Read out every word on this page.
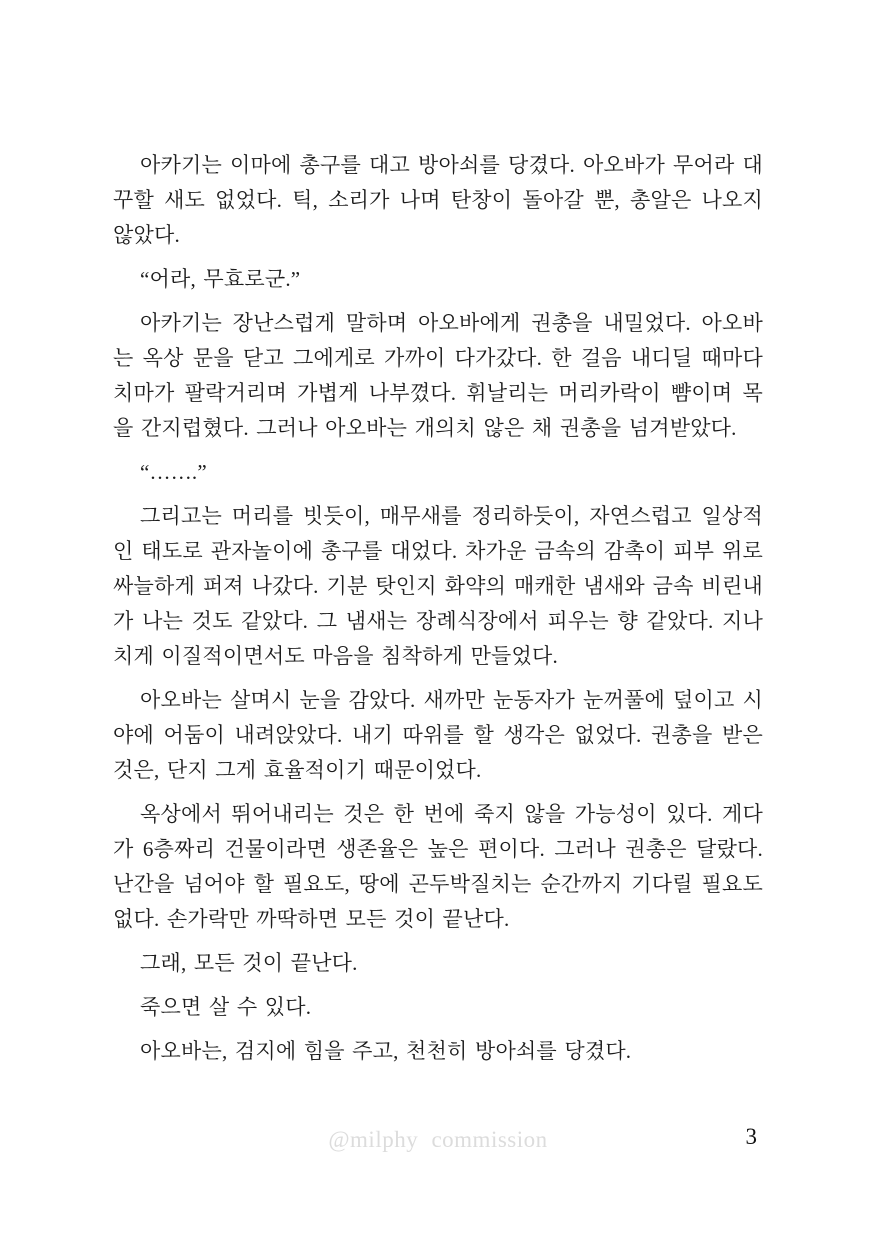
아카기는 이마에 총구를 대고 방아쇠를 당겼다. 아오바가 무어라 대꾸할 새도 없었다. 틱, 소리가 나며 탄창이 돌아갈 뿐, 총알은 나오지 않았다.

“어라, 무효로군.”

아카기는 장난스럽게 말하며 아오바에게 권총을 내밀었다. 아오바는 옥상 문을 닫고 그에게로 가까이 다가갔다. 한 걸음 내디딜 때마다 치마가 팔락거리며 가볍게 나부꼈다. 휘날리는 머리카락이 뺨이며 목을 간지럽혔다. 그러나 아오바는 개의치 않은 채 권총을 넘겨받았다.

“…….”

그리고는 머리를 빗듯이, 매무새를 정리하듯이, 자연스럽고 일상적인 태도로 관자놀이에 총구를 대었다. 차가운 금속의 감촉이 피부 위로 싸늘하게 퍼져 나갔다. 기분 탓인지 화약의 매캐한 냄새와 금속 비린내가 나는 것도 같았다. 그 냄새는 장례식장에서 피우는 향 같았다. 지나치게 이질적이면서도 마음을 침착하게 만들었다.

아오바는 살며시 눈을 감았다. 새까만 눈동자가 눈꺼풀에 덮이고 시야에 어둠이 내려앉았다. 내기 따위를 할 생각은 없었다. 권총을 받은 것은, 단지 그게 효율적이기 때문이었다.

옥상에서 뛰어내리는 것은 한 번에 죽지 않을 가능성이 있다. 게다가 6층짜리 건물이라면 생존율은 높은 편이다. 그러나 권총은 달랐다. 난간을 넘어야 할 필요도, 땅에 곤두박질치는 순간까지 기다릴 필요도 없다. 손가락만 까딱하면 모든 것이 끝난다.

그래, 모든 것이 끝난다.

죽으면 살 수 있다.

아오바는, 검지에 힘을 주고, 천천히 방아쇠를 당겼다.

@milphy commission	3
